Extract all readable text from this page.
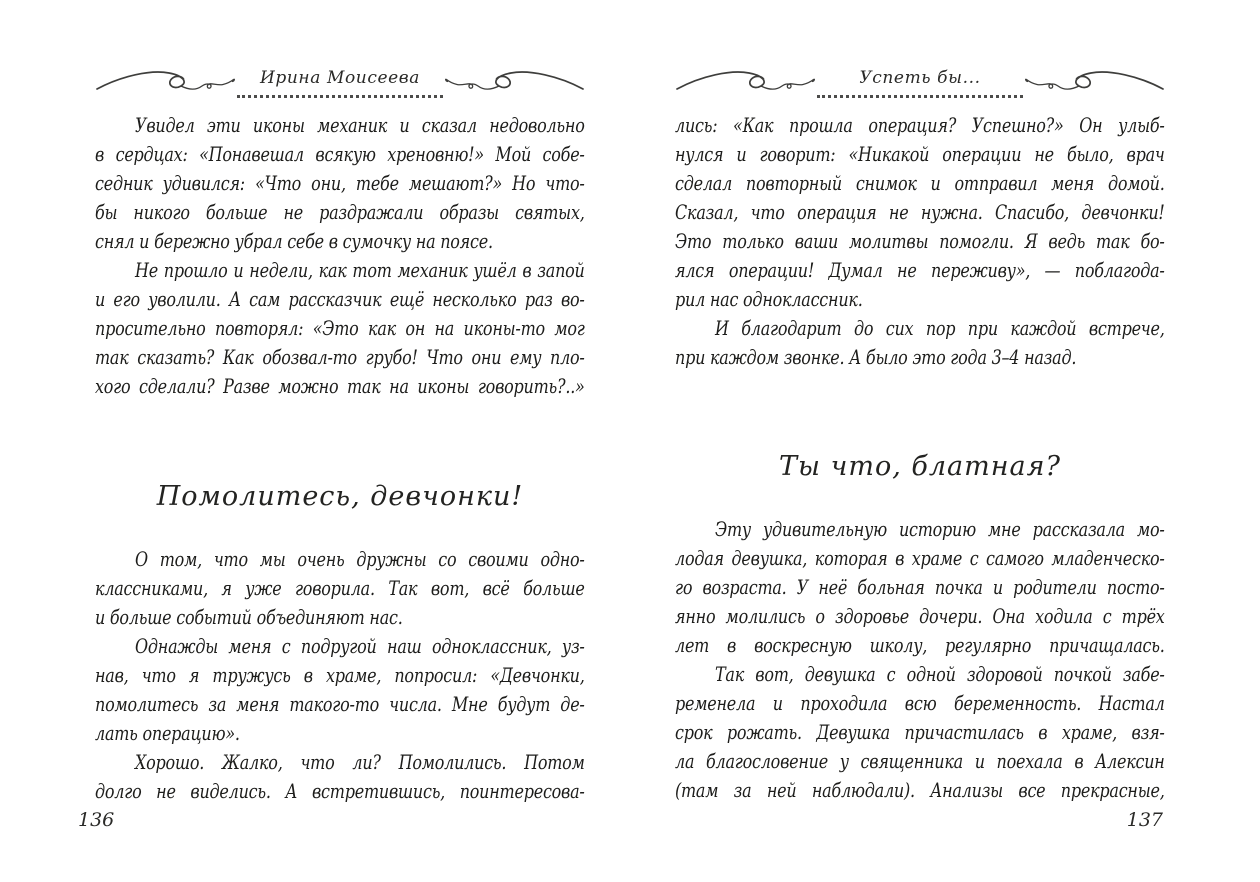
Ирина Моисеева
Увидел эти иконы механик и сказал недовольно
в сердцах: «Понавешал всякую хреновню!» Мой собе-
седник удивился: «Что они, тебе мешают?» Но что-
бы никого больше не раздражали образы святых,
снял и бережно убрал себе в сумочку на поясе.
Не прошло и недели, как тот механик ушёл в запой
и его уволили. А сам рассказчик ещё несколько раз во-
просительно повторял: «Это как он на иконы-то мог
так сказать? Как обозвал-то грубо! Что они ему пло-
хого сделали? Разве можно так на иконы говорить?..»
Помолитесь, девчонки!
О том, что мы очень дружны со своими одно-
классниками, я уже говорила. Так вот, всё больше
и больше событий объединяют нас.
Однажды меня с подругой наш одноклассник, уз-
нав, что я тружусь в храме, попросил: «Девчонки,
помолитесь за меня такого-то числа. Мне будут де-
лать операцию».
Хорошо. Жалко, что ли? Помолились. Потом
долго не виделись. А встретившись, поинтересова-
136
Успеть бы...
лись: «Как прошла операция? Успешно?» Он улыб-
нулся и говорит: «Никакой операции не было, врач
сделал повторный снимок и отправил меня домой.
Сказал, что операция не нужна. Спасибо, девчонки!
Это только ваши молитвы помогли. Я ведь так бо-
ялся операции! Думал не переживу», — поблагода-
рил нас одноклассник.
И благодарит до сих пор при каждой встрече,
при каждом звонке. А было это года 3–4 назад.
Ты что, блатная?
Эту удивительную историю мне рассказала мо-
лодая девушка, которая в храме с самого младенческо-
го возраста. У неё больная почка и родители посто-
янно молились о здоровье дочери. Она ходила с трёх
лет в воскресную школу, регулярно причащалась.
Так вот, девушка с одной здоровой почкой забе-
ременела и проходила всю беременность. Настал
срок рожать. Девушка причастилась в храме, взя-
ла благословение у священника и поехала в Алексин
(там за ней наблюдали). Анализы все прекрасные,
137
